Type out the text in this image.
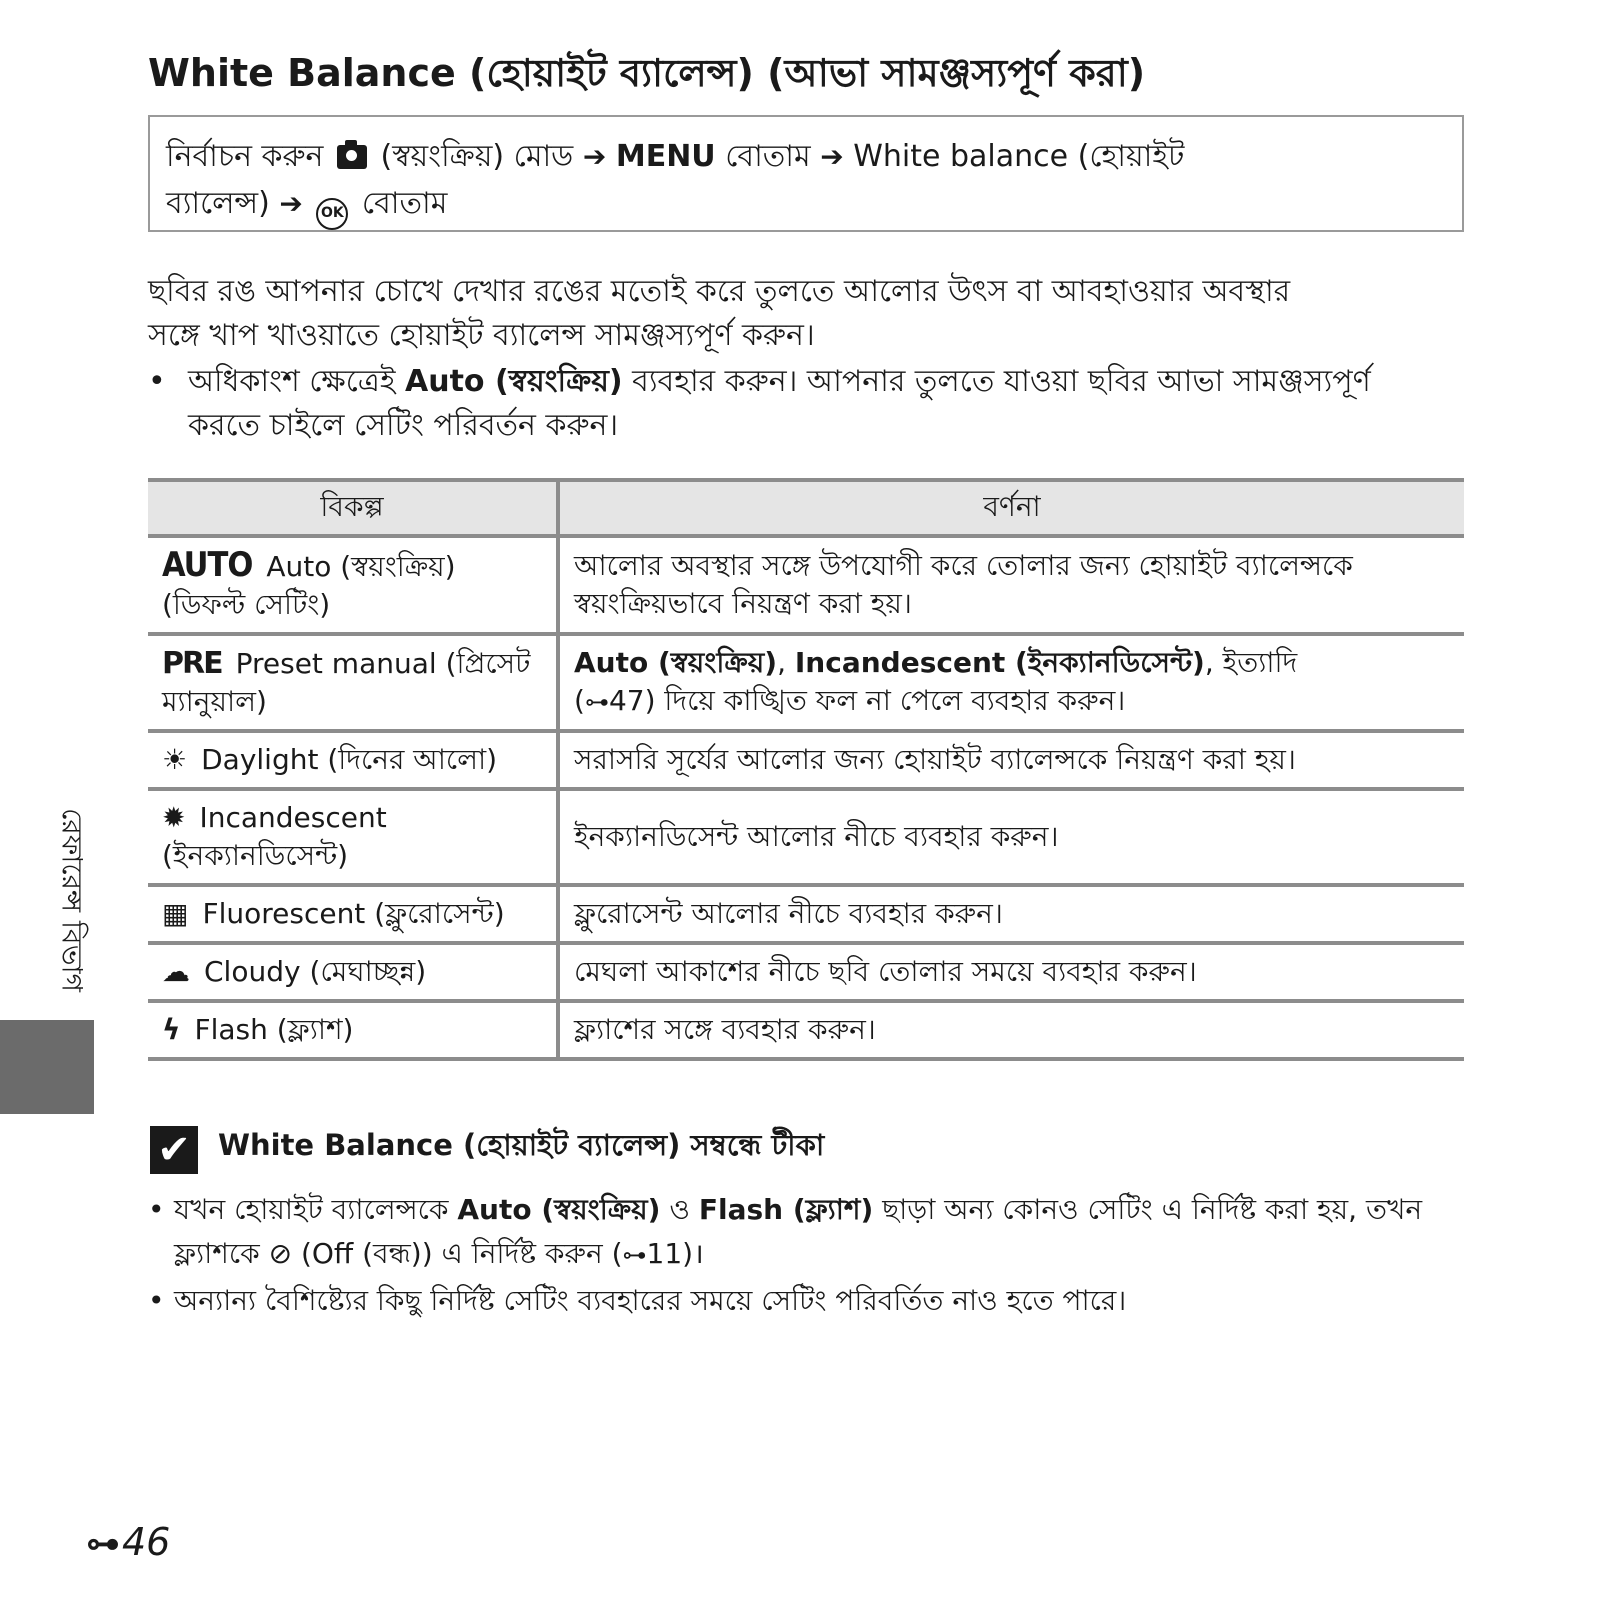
White Balance (হোয়াইট ব্যালেন্স) (আভা সামঞ্জস্যপূর্ণ করা)
নির্বাচন করুন (স্বয়ংক্রিয়) মোড ➔ MENU বোতাম ➔ White balance (হোয়াইট
ব্যালেন্স) ➔ OK বোতাম
ছবির রঙ আপনার চোখে দেখার রঙের মতোই করে তুলতে আলোর উৎস বা আবহাওয়ার অবস্থার সঙ্গে খাপ খাওয়াতে হোয়াইট ব্যালেন্স সামঞ্জস্যপূর্ণ করুন।
• অধিকাংশ ক্ষেত্রেই Auto (স্বয়ংক্রিয়) ব্যবহার করুন। আপনার তুলতে যাওয়া ছবির আভা সামঞ্জস্যপূর্ণ করতে চাইলে সেটিং পরিবর্তন করুন।
বিকল্প	বর্ণনা
AUTO Auto (স্বয়ংক্রিয়) (ডিফল্ট সেটিং)	আলোর অবস্থার সঙ্গে উপযোগী করে তোলার জন্য হোয়াইট ব্যালেন্সকে স্বয়ংক্রিয়ভাবে নিয়ন্ত্রণ করা হয়।
PRE Preset manual (প্রিসেট ম্যানুয়াল)	Auto (স্বয়ংক্রিয়), Incandescent (ইনক্যানডিসেন্ট), ইত্যাদি
(⊶47) দিয়ে কাঙ্খিত ফল না পেলে ব্যবহার করুন।
☀ Daylight (দিনের আলো)	সরাসরি সূর্যের আলোর জন্য হোয়াইট ব্যালেন্সকে নিয়ন্ত্রণ করা হয়।
✹ Incandescent (ইনক্যানডিসেন্ট)	ইনক্যানডিসেন্ট আলোর নীচে ব্যবহার করুন।
▦ Fluorescent (ফ্লুরোসেন্ট)	ফ্লুরোসেন্ট আলোর নীচে ব্যবহার করুন।
☁ Cloudy (মেঘাচ্ছন্ন)	মেঘলা আকাশের নীচে ছবি তোলার সময়ে ব্যবহার করুন।
ϟ Flash (ফ্ল্যাশ)	ফ্ল্যাশের সঙ্গে ব্যবহার করুন।
রেফারেন্স বিভাগ
✔ White Balance (হোয়াইট ব্যালেন্স) সম্বন্ধে টীকা
• যখন হোয়াইট ব্যালেন্সকে Auto (স্বয়ংক্রিয়) ও Flash (ফ্ল্যাশ) ছাড়া অন্য কোনও সেটিং এ নির্দিষ্ট করা হয়, তখন ফ্ল্যাশকে ⊘ (Off (বন্ধ)) এ নির্দিষ্ট করুন (⊶11)।
• অন্যান্য বৈশিষ্ট্যের কিছু নির্দিষ্ট সেটিং ব্যবহারের সময়ে সেটিং পরিবর্তিত নাও হতে পারে।
⊶46
